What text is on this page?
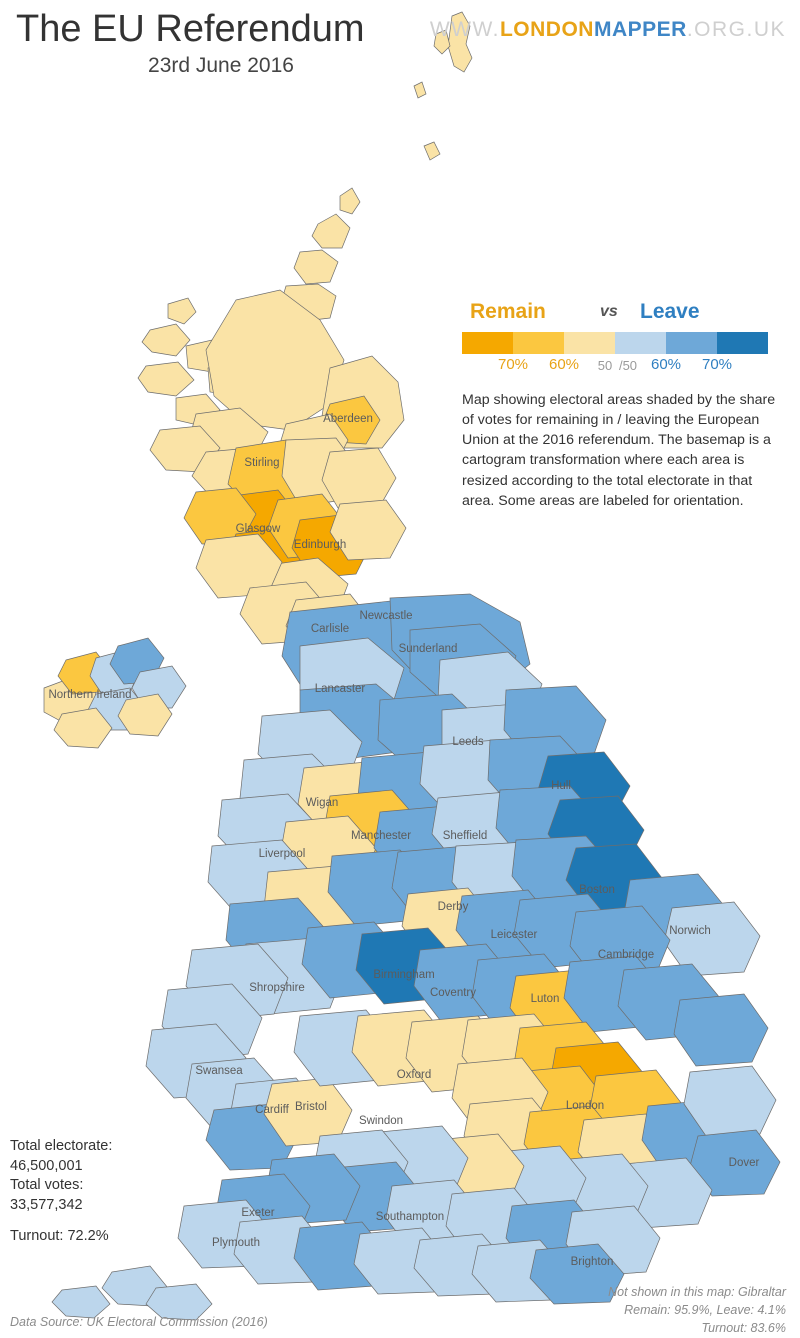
Aberdeen
Stirling
Glasgow
Edinburgh
Northern Ireland
Carlisle
Newcastle
Sunderland
Lancaster
Leeds
Wigan
Hull
Manchester	Sheffield
Liverpool
Boston
Derby
Leicester	Norwich
Cambridge
Birmingham
Coventry	Luton
Shropshire
Swansea	Oxford
London
Cardiff Bristol
Swindon
Dover
Exeter	Southampton
Plymouth
Brighton
The EU Referendum
23rd June 2016
WWW.LONDONMAPPER.ORG.UK
Remain	vs Leave
70% 60% 50 /50 60% 70%
Map showing electoral areas shaded by the share of votes for remaining in / leaving the European Union at the 2016 referendum. The basemap is a cartogram transformation where each area is resized according to the total electorate in that area. Some areas are labeled for orientation.
Total electorate:
46,500,001
Total votes:
33,577,342
Turnout: 72.2%
Not shown in this map: Gibraltar
Remain: 95.9%, Leave: 4.1%
Turnout: 83.6%
Data Source: UK Electoral Commission (2016)
